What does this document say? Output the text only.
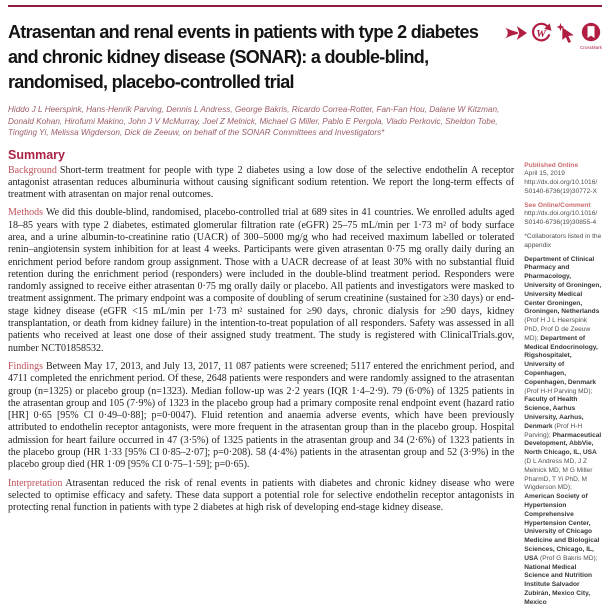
Atrasentan and renal events in patients with type 2 diabetes
and chronic kidney disease (SONAR): a double-blind,
randomised, placebo-controlled trial
W
CrossMark

Hiddo J L Heerspink, Hans-Henrik Parving, Dennis L Andress, George Bakris, Ricardo Correa-Rotter, Fan-Fan Hou, Dalane W Kitzman, Donald Kohan, Hirofumi Makino, John J V McMurray, Joel Z Melnick, Michael G Miller, Pablo E Pergola, Vlado Perkovic, Sheldon Tobe, Tingting Yi, Melissa Wigderson, Dick de Zeeuw, on behalf of the SONAR Committees and Investigators*

Summary

Background Short-term treatment for people with type 2 diabetes using a low dose of the selective endothelin A receptor antagonist atrasentan reduces albuminuria without causing significant sodium retention. We report the long-term effects of treatment with atrasentan on major renal outcomes.

Methods We did this double-blind, randomised, placebo-controlled trial at 689 sites in 41 countries. We enrolled adults aged 18–85 years with type 2 diabetes, estimated glomerular filtration rate (eGFR) 25–75 mL/min per 1·73 m² of body surface area, and a urine albumin-to-creatinine ratio (UACR) of 300–5000 mg/g who had received maximum labelled or tolerated renin–angiotensin system inhibition for at least 4 weeks. Participants were given atrasentan 0·75 mg orally daily during an enrichment period before random group assignment. Those with a UACR decrease of at least 30% with no substantial fluid retention during the enrichment period (responders) were included in the double-blind treatment period. Responders were randomly assigned to receive either atrasentan 0·75 mg orally daily or placebo. All patients and investigators were masked to treatment assignment. The primary endpoint was a composite of doubling of serum creatinine (sustained for ≥30 days) or end-stage kidney disease (eGFR <15 mL/min per 1·73 m² sustained for ≥90 days, chronic dialysis for ≥90 days, kidney transplantation, or death from kidney failure) in the intention-to-treat population of all responders. Safety was assessed in all patients who received at least one dose of their assigned study treatment. The study is registered with ClinicalTrials.gov, number NCT01858532.

Findings Between May 17, 2013, and July 13, 2017, 11 087 patients were screened; 5117 entered the enrichment period, and 4711 completed the enrichment period. Of these, 2648 patients were responders and were randomly assigned to the atrasentan group (n=1325) or placebo group (n=1323). Median follow-up was 2·2 years (IQR 1·4–2·9). 79 (6·0%) of 1325 patients in the atrasentan group and 105 (7·9%) of 1323 in the placebo group had a primary composite renal endpoint event (hazard ratio [HR] 0·65 [95% CI 0·49–0·88]; p=0·0047). Fluid retention and anaemia adverse events, which have been previously attributed to endothelin receptor antagonists, were more frequent in the atrasentan group than in the placebo group. Hospital admission for heart failure occurred in 47 (3·5%) of 1325 patients in the atrasentan group and 34 (2·6%) of 1323 patients in the placebo group (HR 1·33 [95% CI 0·85–2·07]; p=0·208). 58 (4·4%) patients in the atrasentan group and 52 (3·9%) in the placebo group died (HR 1·09 [95% CI 0·75–1·59]; p=0·65).

Interpretation Atrasentan reduced the risk of renal events in patients with diabetes and chronic kidney disease who were selected to optimise efficacy and safety. These data support a potential role for selective endothelin receptor antagonists in protecting renal function in patients with type 2 diabetes at high risk of developing end-stage kidney disease.

Published Online
April 15, 2019
http://dx.doi.org/10.1016/
S0140-6736(19)30772-X
See Online/Comment
http://dx.doi.org/10.1016/
S0140-6736(19)30855-4
*Collaborators listed in the appendix
Department of Clinical Pharmacy and Pharmacology, University of Groningen, University Medical Center Groningen, Groningen, Netherlands (Prof H J L Heerspink PhD, Prof D de Zeeuw MD); Department of Medical Endocrinology, Rigshospitalet, University of Copenhagen, Copenhagen, Denmark (Prof H-H Parving MD); Faculty of Health Science, Aarhus University, Aarhus, Denmark (Prof H-H Parving); Pharmaceutical Development, AbbVie, North Chicago, IL, USA (D L Andress MD, J Z Melnick MD, M G Miller PharmD, T Yi PhD, M Wigderson MD); American Society of Hypertension Comprehensive Hypertension Center, University of Chicago Medicine and Biological Sciences, Chicago, IL, USA (Prof G Bakris MD); National Medical Science and Nutrition Institute Salvador Zubirán, Mexico City, Mexico
